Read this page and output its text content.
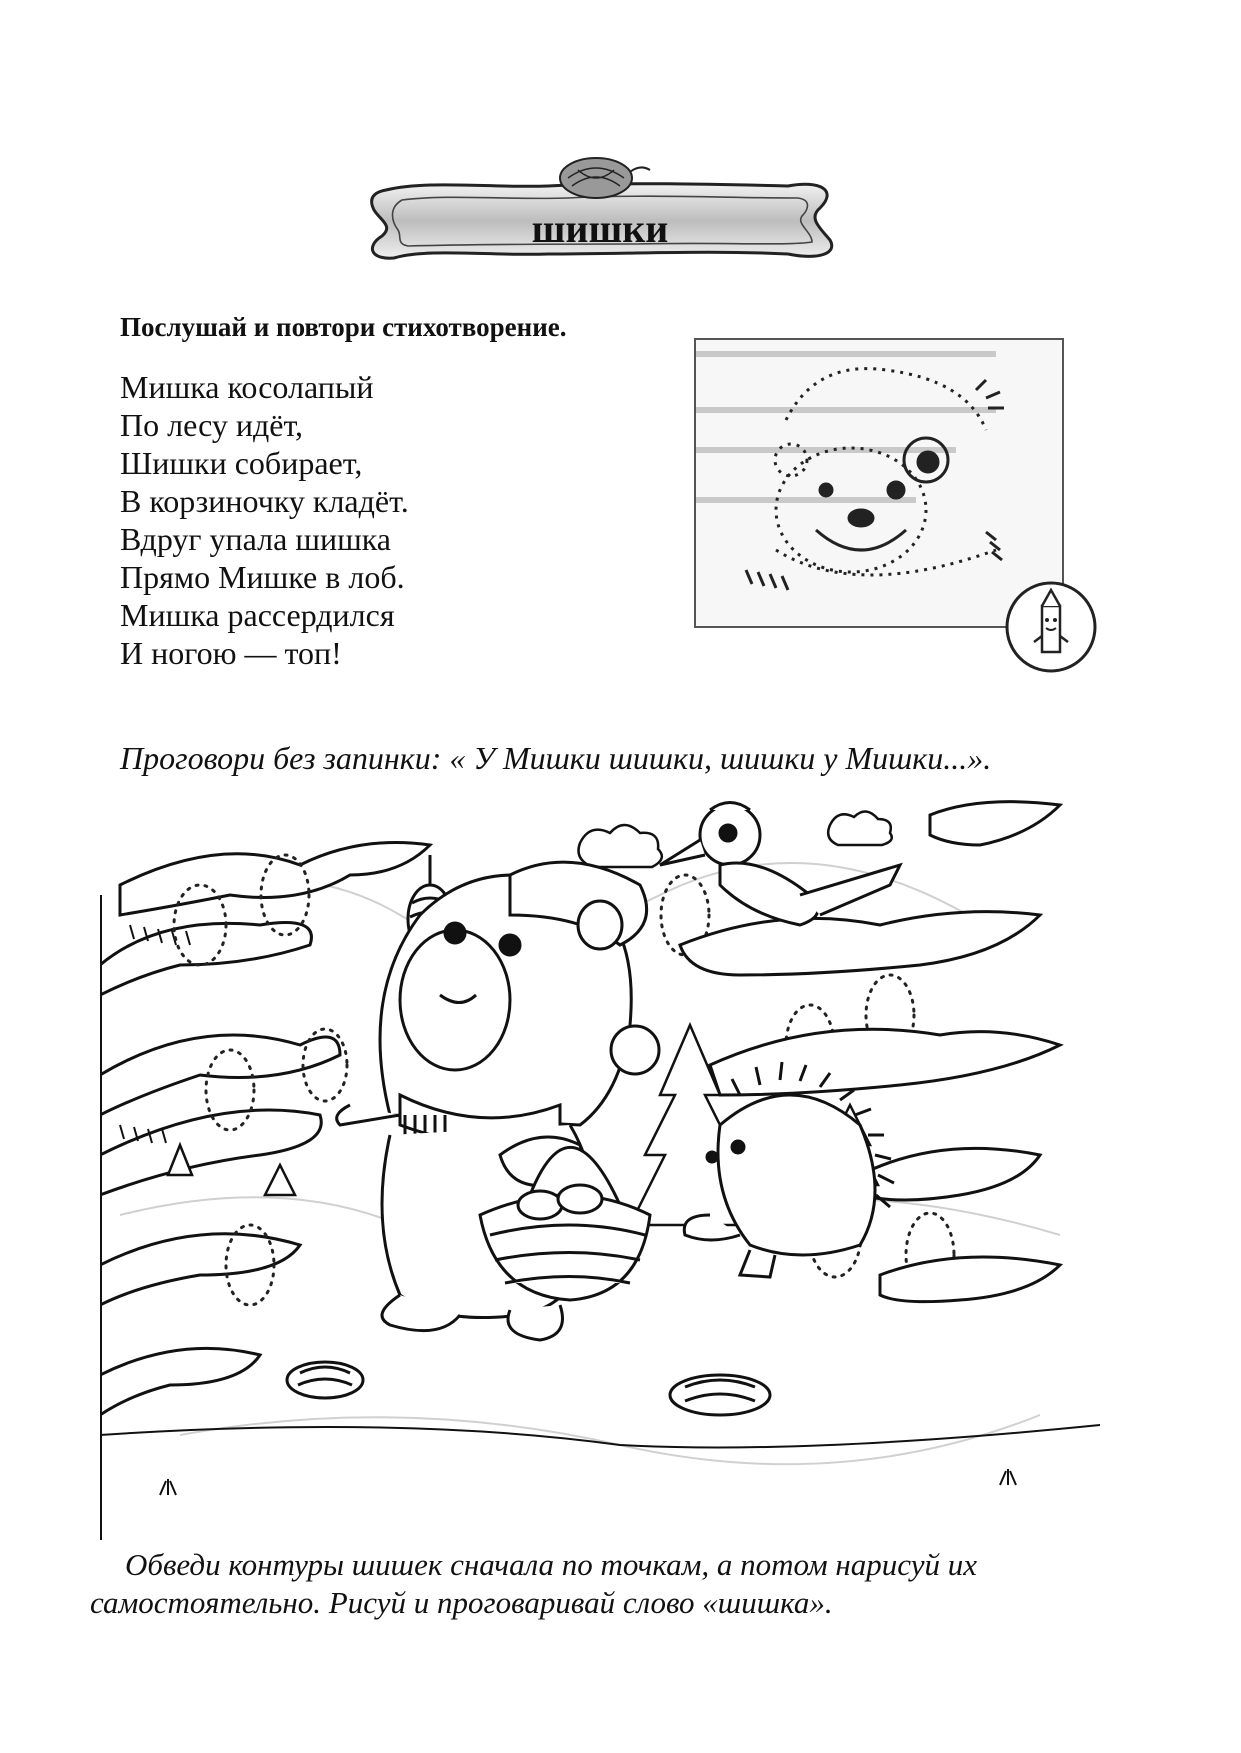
шишки

Послушай и повтори стихотворение.

Мишка косолапый
По лесу идёт,
Шишки собирает,
В корзиночку кладёт.
Вдруг упала шишка
Прямо Мишке в лоб.
Мишка рассердился
И ногою — топ!

Проговори без запинки: « У Мишки шишки, шишки у Мишки...».

Обведи контуры шишек сначала по точкам, а потом нарисуй их
самостоятельно. Рисуй и проговаривай слово «шишка».
